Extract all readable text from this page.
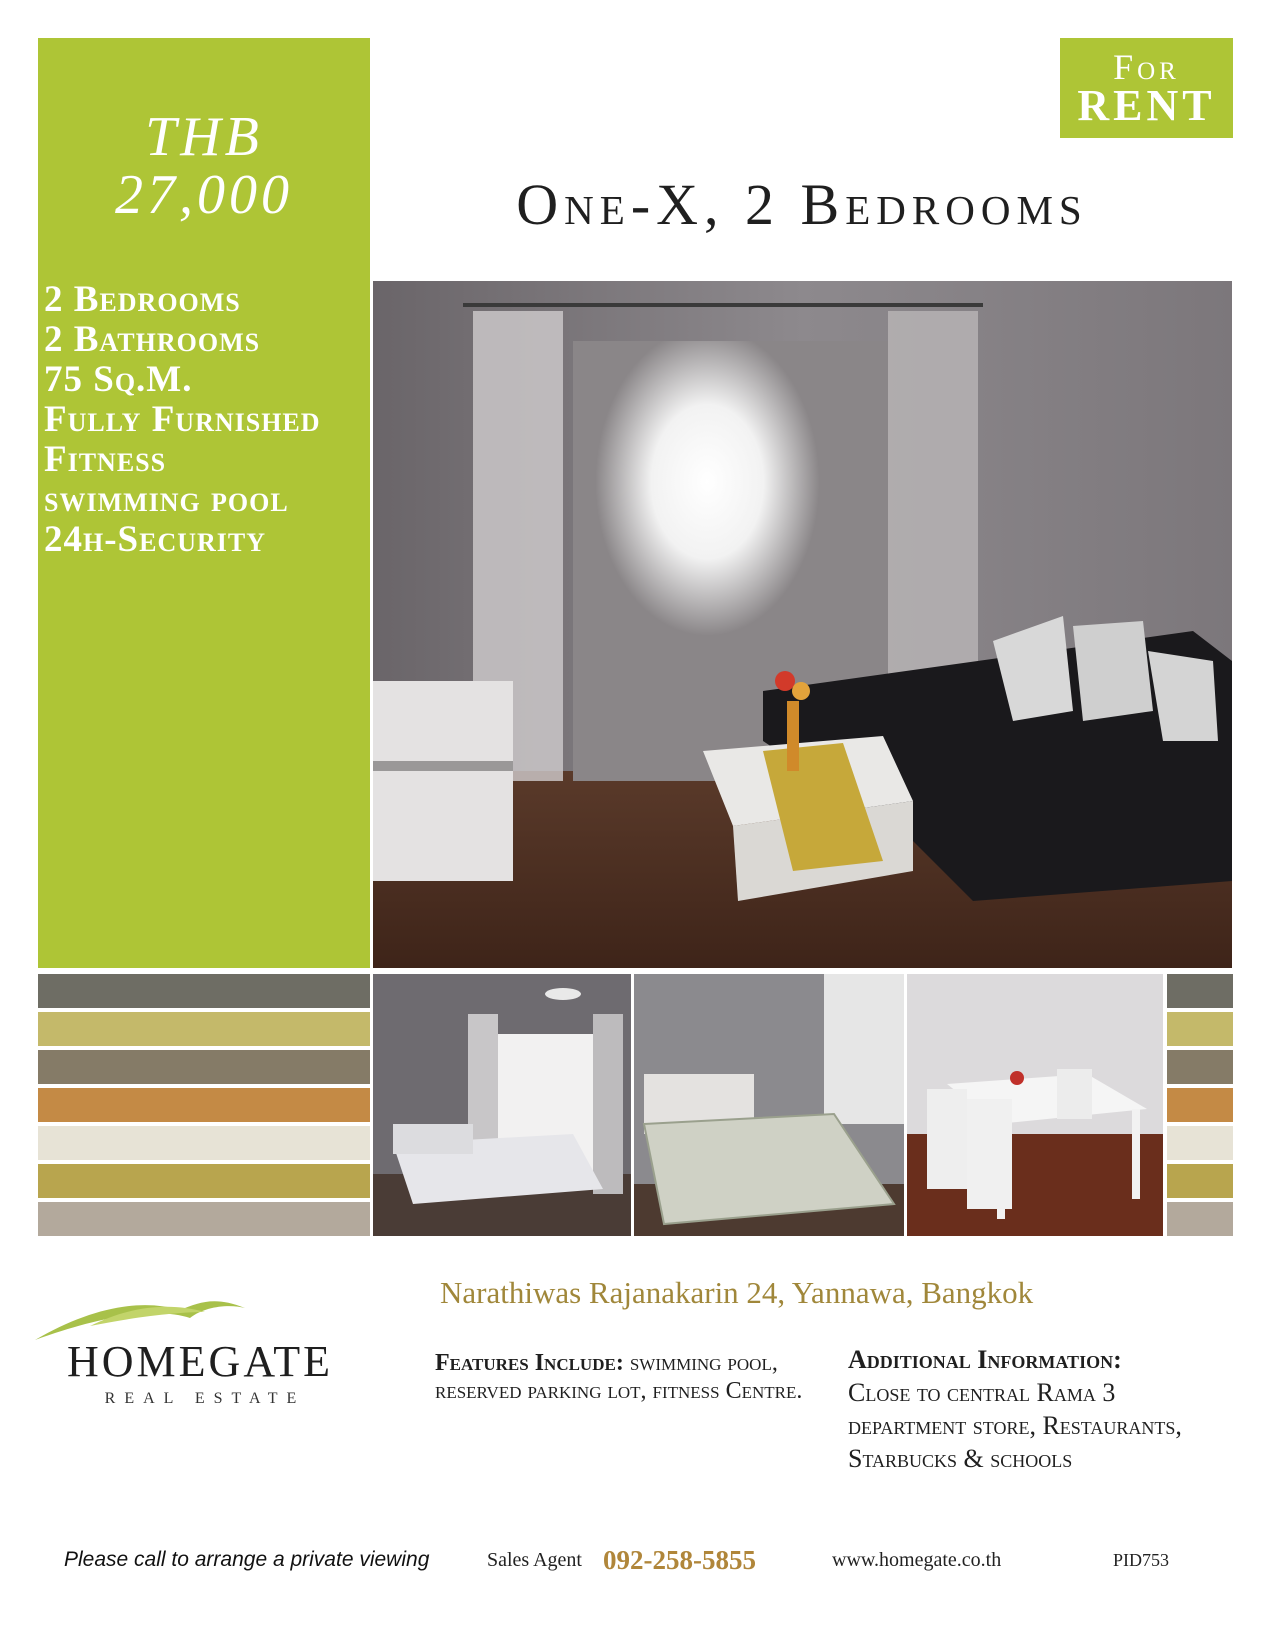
THB
27,000
2 Bedrooms
2 Bathrooms
75 Sq.M.
Fully Furnished
Fitness
swimming pool
24h-Security
For
RENT
One-X, 2 Bedrooms
Narathiwas Rajanakarin 24, Yannawa, Bangkok
HOMEGATE
REAL ESTATE
Features Include: swimming pool, reserved parking lot, fitness Centre.
Additional Information:
Close to central Rama 3 department store, Restaurants, Starbucks & schools
Please call to arrange a private viewing	Sales Agent 092-258-5855	www.homegate.co.th	PID753
